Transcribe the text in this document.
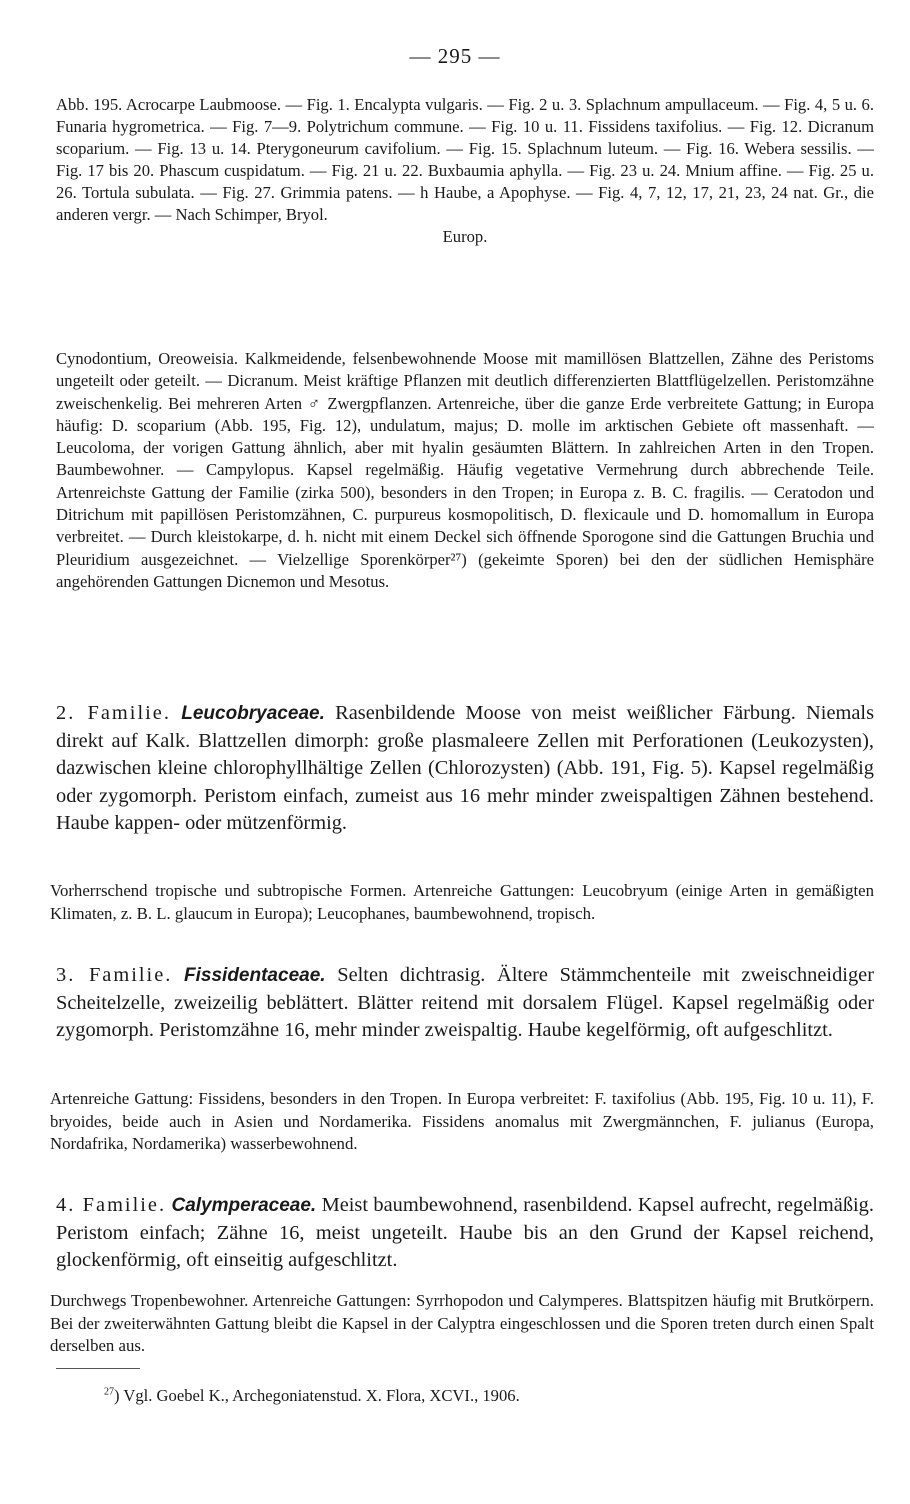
— 295 —
Abb. 195. Acrocarpe Laubmoose. — Fig. 1. Encalypta vulgaris. — Fig. 2 u. 3. Splachnum ampullaceum. — Fig. 4, 5 u. 6. Funaria hygrometrica. — Fig. 7—9. Polytrichum commune. — Fig. 10 u. 11. Fissidens taxifolius. — Fig. 12. Dicranum scoparium. — Fig. 13 u. 14. Pterygoneurum cavifolium. — Fig. 15. Splachnum luteum. — Fig. 16. Webera sessilis. — Fig. 17 bis 20. Phascum cuspidatum. — Fig. 21 u. 22. Buxbaumia aphylla. — Fig. 23 u. 24. Mnium affine. — Fig. 25 u. 26. Tortula subulata. — Fig. 27. Grimmia patens. — h Haube, a Apophyse. — Fig. 4, 7, 12, 17, 21, 23, 24 nat. Gr., die anderen vergr. — Nach Schimper, Bryol.
Europ.
Cynodontium, Oreoweisia. Kalkmeidende, felsenbewohnende Moose mit mamillösen Blattzellen, Zähne des Peristoms ungeteilt oder geteilt. — Dicranum. Meist kräftige Pflanzen mit deutlich differenzierten Blattflügelzellen. Peristomzähne zweischenkelig. Bei mehreren Arten ♂ Zwergpflanzen. Artenreiche, über die ganze Erde verbreitete Gattung; in Europa häufig: D. scoparium (Abb. 195, Fig. 12), undulatum, majus; D. molle im arktischen Gebiete oft massenhaft. — Leucoloma, der vorigen Gattung ähnlich, aber mit hyalin gesäumten Blättern. In zahlreichen Arten in den Tropen. Baumbewohner. — Campylopus. Kapsel regelmäßig. Häufig vegetative Vermehrung durch abbrechende Teile. Artenreichste Gattung der Familie (zirka 500), besonders in den Tropen; in Europa z. B. C. fragilis. — Ceratodon und Ditrichum mit papillösen Peristomzähnen, C. purpureus kosmopolitisch, D. flexicaule und D. homomallum in Europa verbreitet. — Durch kleistokarpe, d. h. nicht mit einem Deckel sich öffnende Sporogone sind die Gattungen Bruchia und Pleuridium ausgezeichnet. — Vielzellige Sporenkörper²⁷) (gekeimte Sporen) bei den der südlichen Hemisphäre angehörenden Gattungen Dicnemon und Mesotus.
2. Familie. Leucobryaceae. Rasenbildende Moose von meist weißlicher Färbung. Niemals direkt auf Kalk. Blattzellen dimorph: große plasmaleere Zellen mit Perforationen (Leukozysten), dazwischen kleine chlorophyllhältige Zellen (Chlorozysten) (Abb. 191, Fig. 5). Kapsel regelmäßig oder zygomorph. Peristom einfach, zumeist aus 16 mehr minder zweispaltigen Zähnen bestehend. Haube kappen- oder mützenförmig.
Vorherrschend tropische und subtropische Formen. Artenreiche Gattungen: Leucobryum (einige Arten in gemäßigten Klimaten, z. B. L. glaucum in Europa); Leucophanes, baumbewohnend, tropisch.
3. Familie. Fissidentaceae. Selten dichtrasig. Ältere Stämmchenteile mit zweischneidiger Scheitelzelle, zweizeilig beblättert. Blätter reitend mit dorsalem Flügel. Kapsel regelmäßig oder zygomorph. Peristomzähne 16, mehr minder zweispaltig. Haube kegelförmig, oft aufgeschlitzt.
Artenreiche Gattung: Fissidens, besonders in den Tropen. In Europa verbreitet: F. taxifolius (Abb. 195, Fig. 10 u. 11), F. bryoides, beide auch in Asien und Nordamerika. Fissidens anomalus mit Zwergmännchen, F. julianus (Europa, Nordafrika, Nordamerika) wasserbewohnend.
4. Familie. Calymperaceae. Meist baumbewohnend, rasenbildend. Kapsel aufrecht, regelmäßig. Peristom einfach; Zähne 16, meist ungeteilt. Haube bis an den Grund der Kapsel reichend, glockenförmig, oft einseitig aufgeschlitzt.
Durchwegs Tropenbewohner. Artenreiche Gattungen: Syrrhopodon und Calymperes. Blattspitzen häufig mit Brutkörpern. Bei der zweiterwähnten Gattung bleibt die Kapsel in der Calyptra eingeschlossen und die Sporen treten durch einen Spalt derselben aus.
$^{27}$) Vgl. Goebel K., Archegoniatenstud. X. Flora, XCVI., 1906.
